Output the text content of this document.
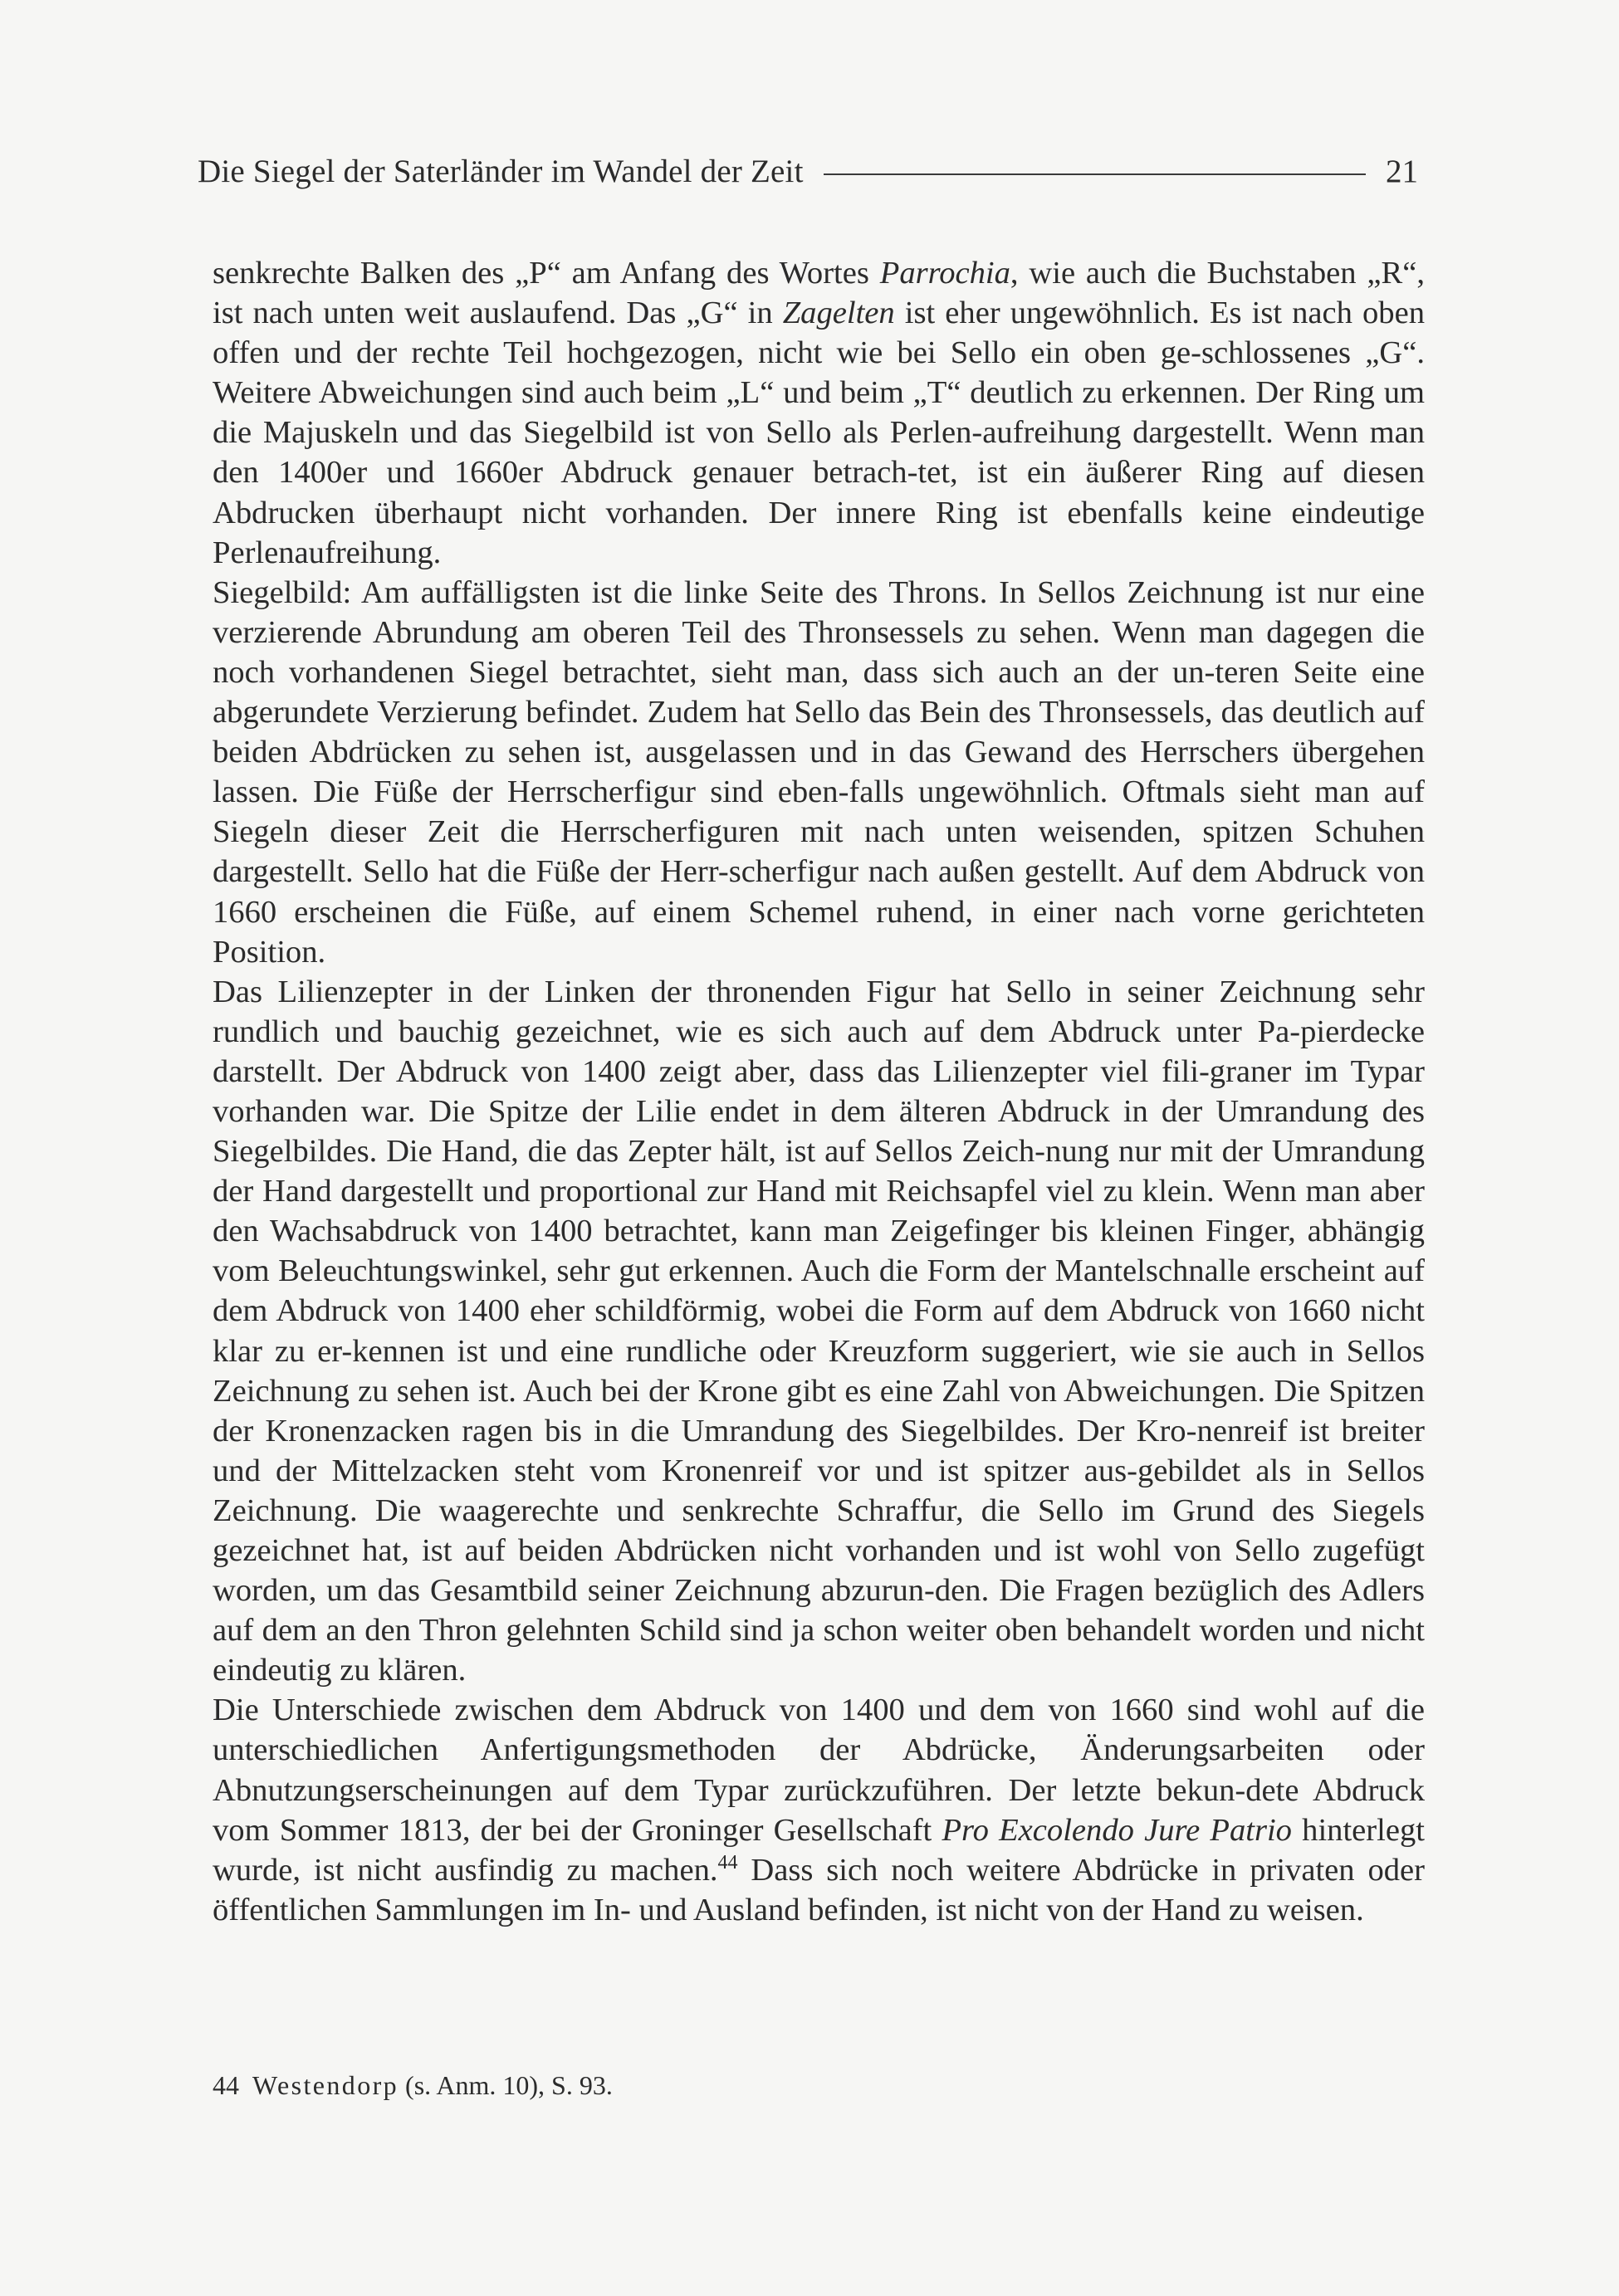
Die Siegel der Saterländer im Wandel der Zeit	21

senkrechte Balken des „P“ am Anfang des Wortes Parrochia, wie auch die Buchstaben „R“, ist nach unten weit auslaufend. Das „G“ in Zagelten ist eher ungewöhnlich. Es ist nach oben offen und der rechte Teil hochgezogen, nicht wie bei Sello ein oben ge-schlossenes „G“. Weitere Abweichungen sind auch beim „L“ und beim „T“ deutlich zu erkennen. Der Ring um die Majuskeln und das Siegelbild ist von Sello als Perlen-aufreihung dargestellt. Wenn man den 1400er und 1660er Abdruck genauer betrach-tet, ist ein äußerer Ring auf diesen Abdrucken überhaupt nicht vorhanden. Der innere Ring ist ebenfalls keine eindeutige Perlenaufreihung.

Siegelbild: Am auffälligsten ist die linke Seite des Throns. In Sellos Zeichnung ist nur eine verzierende Abrundung am oberen Teil des Thronsessels zu sehen. Wenn man dagegen die noch vorhandenen Siegel betrachtet, sieht man, dass sich auch an der un-teren Seite eine abgerundete Verzierung befindet. Zudem hat Sello das Bein des Thronsessels, das deutlich auf beiden Abdrücken zu sehen ist, ausgelassen und in das Gewand des Herrschers übergehen lassen. Die Füße der Herrscherfigur sind eben-falls ungewöhnlich. Oftmals sieht man auf Siegeln dieser Zeit die Herrscherfiguren mit nach unten weisenden, spitzen Schuhen dargestellt. Sello hat die Füße der Herr-scherfigur nach außen gestellt. Auf dem Abdruck von 1660 erscheinen die Füße, auf einem Schemel ruhend, in einer nach vorne gerichteten Position.

Das Lilienzepter in der Linken der thronenden Figur hat Sello in seiner Zeichnung sehr rundlich und bauchig gezeichnet, wie es sich auch auf dem Abdruck unter Pa-pierdecke darstellt. Der Abdruck von 1400 zeigt aber, dass das Lilienzepter viel fili-graner im Typar vorhanden war. Die Spitze der Lilie endet in dem älteren Abdruck in der Umrandung des Siegelbildes. Die Hand, die das Zepter hält, ist auf Sellos Zeich-nung nur mit der Umrandung der Hand dargestellt und proportional zur Hand mit Reichsapfel viel zu klein. Wenn man aber den Wachsabdruck von 1400 betrachtet, kann man Zeigefinger bis kleinen Finger, abhängig vom Beleuchtungswinkel, sehr gut erkennen. Auch die Form der Mantelschnalle erscheint auf dem Abdruck von 1400 eher schildförmig, wobei die Form auf dem Abdruck von 1660 nicht klar zu er-kennen ist und eine rundliche oder Kreuzform suggeriert, wie sie auch in Sellos Zeichnung zu sehen ist. Auch bei der Krone gibt es eine Zahl von Abweichungen. Die Spitzen der Kronenzacken ragen bis in die Umrandung des Siegelbildes. Der Kro-nenreif ist breiter und der Mittelzacken steht vom Kronenreif vor und ist spitzer aus-gebildet als in Sellos Zeichnung. Die waagerechte und senkrechte Schraffur, die Sello im Grund des Siegels gezeichnet hat, ist auf beiden Abdrücken nicht vorhanden und ist wohl von Sello zugefügt worden, um das Gesamtbild seiner Zeichnung abzurun-den. Die Fragen bezüglich des Adlers auf dem an den Thron gelehnten Schild sind ja schon weiter oben behandelt worden und nicht eindeutig zu klären.

Die Unterschiede zwischen dem Abdruck von 1400 und dem von 1660 sind wohl auf die unterschiedlichen Anfertigungsmethoden der Abdrücke, Änderungsarbeiten oder Abnutzungserscheinungen auf dem Typar zurückzuführen. Der letzte bekun-dete Abdruck vom Sommer 1813, der bei der Groninger Gesellschaft Pro Excolendo Jure Patrio hinterlegt wurde, ist nicht ausfindig zu machen.$^{44}$ Dass sich noch weitere Abdrücke in privaten oder öffentlichen Sammlungen im In- und Ausland befinden, ist nicht von der Hand zu weisen.

44 Westendorp (s. Anm. 10), S. 93.
